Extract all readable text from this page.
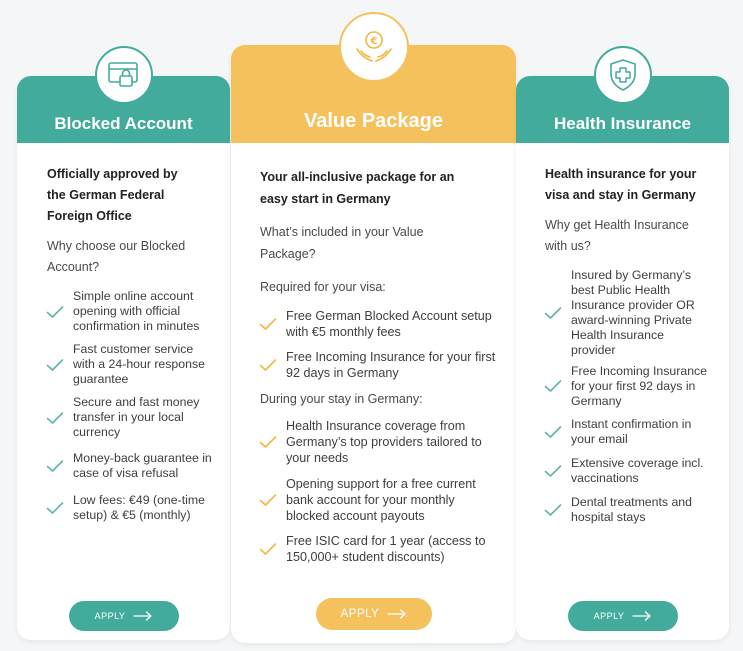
Blocked Account

Officially approved by the German Federal Foreign Office

Why choose our Blocked Account?

Simple online account opening with official confirmation in minutes
Fast customer service with a 24-hour response guarantee
Secure and fast money transfer in your local currency
Money-back guarantee in case of visa refusal
Low fees: €49 (one-time setup) & €5 (monthly)
APPLY
Value Package
€

Your all-inclusive package for an easy start in Germany

What’s included in your Value Package?

Required for your visa:

Free German Blocked Account setup with €5 monthly fees
Free Incoming Insurance for your first 92 days in Germany

During your stay in Germany:

Health Insurance coverage from Germany’s top providers tailored to your needs
Opening support for a free current bank account for your monthly blocked account payouts
Free ISIC card for 1 year (access to 150,000+ student discounts)
APPLY
Health Insurance

Health insurance for your visa and stay in Germany

Why get Health Insurance with us?

Insured by Germany’s best Public Health Insurance provider OR award-winning Private Health Insurance provider
Free Incoming Insurance for your first 92 days in Germany
Instant confirmation in your email
Extensive coverage incl. vaccinations
Dental treatments and hospital stays
APPLY
